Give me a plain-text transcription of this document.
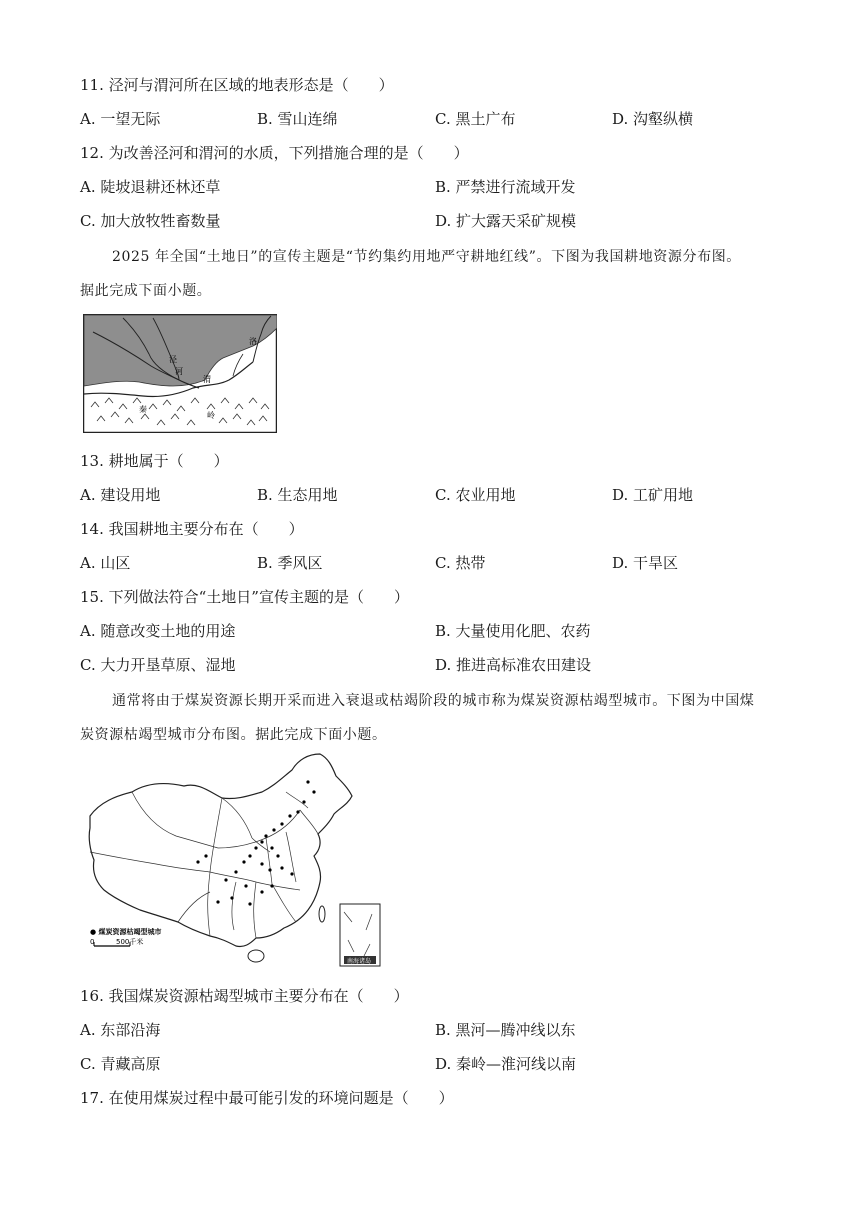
11. 泾河与渭河所在区域的地表形态是（　　）
A. 一望无际	B. 雪山连绵	C. 黑土广布	D. 沟壑纵横
12. 为改善泾河和渭河的水质，下列措施合理的是（　　）
A. 陡坡退耕还林还草	B. 严禁进行流域开发
C. 加大放牧牲畜数量	D. 扩大露天采矿规模
2025 年全国“土地日”的宣传主题是“节约集约用地严守耕地红线”。下图为我国耕地资源分布图。
据此完成下面小题。
泾
河
渭
洛
秦
岭
13. 耕地属于（　　）
A. 建设用地	B. 生态用地	C. 农业用地	D. 工矿用地
14. 我国耕地主要分布在（　　）
A. 山区	B. 季风区	C. 热带	D. 干旱区
15. 下列做法符合“土地日”宣传主题的是（　　）
A. 随意改变土地的用途	B. 大量使用化肥、农药
C. 大力开垦草原、湿地	D. 推进高标准农田建设
通常将由于煤炭资源长期开采而进入衰退或枯竭阶段的城市称为煤炭资源枯竭型城市。下图为中国煤
炭资源枯竭型城市分布图。据此完成下面小题。
南海诸岛
● 煤炭资源枯竭型城市
0	500千米
16. 我国煤炭资源枯竭型城市主要分布在（　　）
A. 东部沿海	B. 黑河—腾冲线以东
C. 青藏高原	D. 秦岭—淮河线以南
17. 在使用煤炭过程中最可能引发的环境问题是（　　）
